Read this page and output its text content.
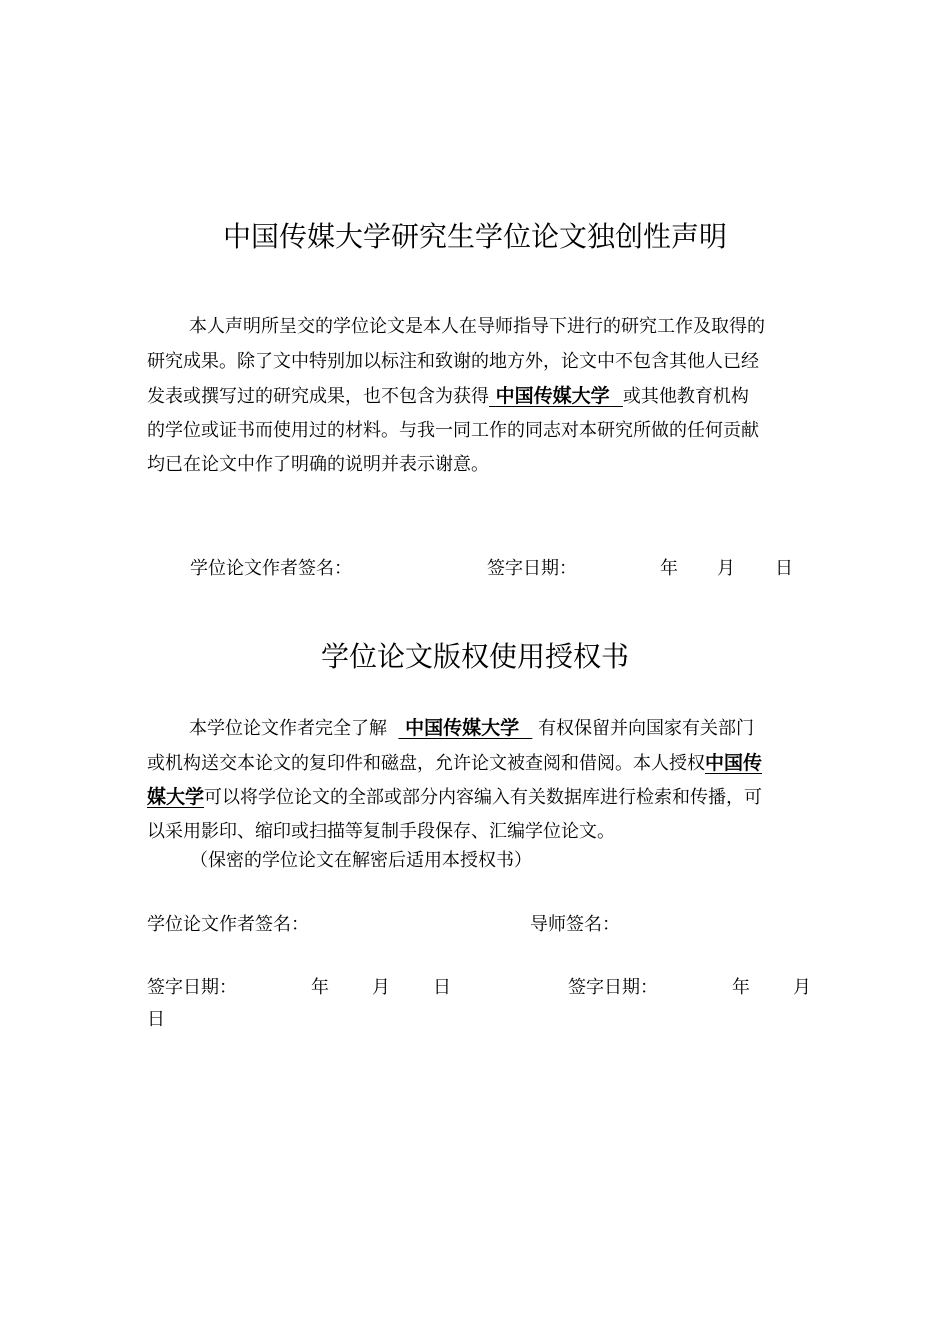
中国传媒大学研究生学位论文独创性声明
本人声明所呈交的学位论文是本人在导师指导下进行的研究工作及取得的
研究成果。除了文中特别加以标注和致谢的地方外，论文中不包含其他人已经
发表或撰写过的研究成果，也不包含为获得 中国传媒大学 或其他教育机构
的学位或证书而使用过的材料。与我一同工作的同志对本研究所做的任何贡献
均已在论文中作了明确的说明并表示谢意。
学位论文作者签名：	签字日期：	年 月 日
学位论文版权使用授权书
本学位论文作者完全了解 中国传媒大学 有权保留并向国家有关部门
或机构送交本论文的复印件和磁盘，允许论文被查阅和借阅。本人授权中国传
媒大学可以将学位论文的全部或部分内容编入有关数据库进行检索和传播，可
以采用影印、缩印或扫描等复制手段保存、汇编学位论文。
（保密的学位论文在解密后适用本授权书）
学位论文作者签名：	导师签名：
签字日期：	年 月 日	签字日期：	年 月
日
